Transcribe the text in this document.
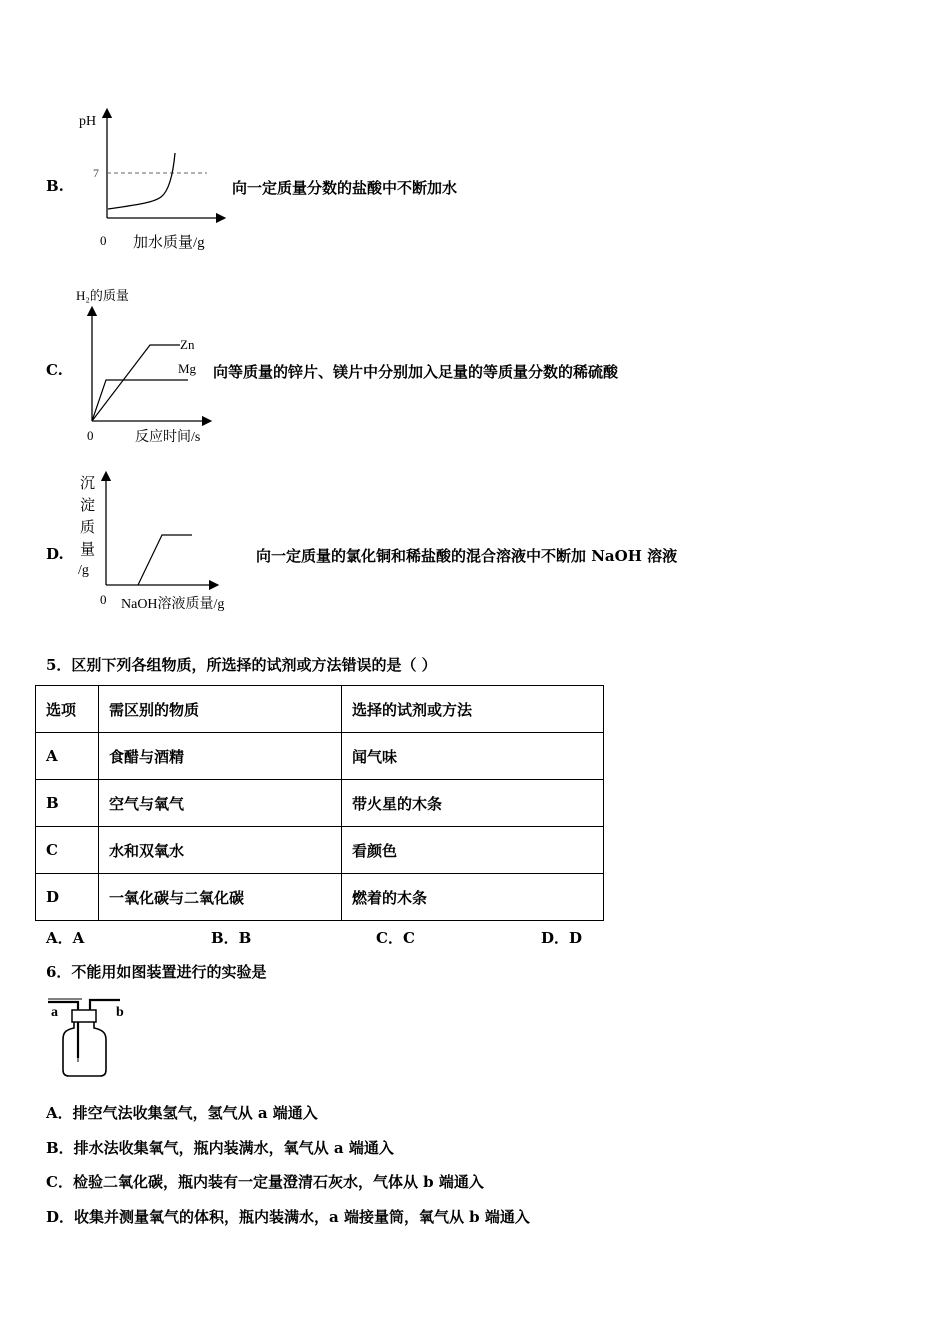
B.
pH
7
0 加水质量/g
向一定质量分数的盐酸中不断加水
C.
H₂的质量
Zn
Mg
0	反应时间/s
向等质量的锌片、镁片中分别加入足量的等质量分数的稀硫酸
D.
沉
淀
质
量
/g
0 NaOH溶液质量/g
向一定质量的氯化铜和稀盐酸的混合溶液中不断加 NaOH 溶液
5．区别下列各组物质，所选择的试剂或方法错误的是（ ）
选项	需区别的物质	选择的试剂或方法
A	食醋与酒精	闻气味
B	空气与氧气	带火星的木条
C	水和双氧水	看颜色
D	一氧化碳与二氧化碳	燃着的木条
A．A	B．B	C．C	D．D
6．不能用如图装置进行的实验是
a	b
A．排空气法收集氢气，氢气从 a 端通入
B．排水法收集氧气，瓶内装满水，氧气从 a 端通入
C．检验二氧化碳，瓶内装有一定量澄清石灰水，气体从 b 端通入
D．收集并测量氧气的体积，瓶内装满水，a 端接量筒，氧气从 b 端通入
